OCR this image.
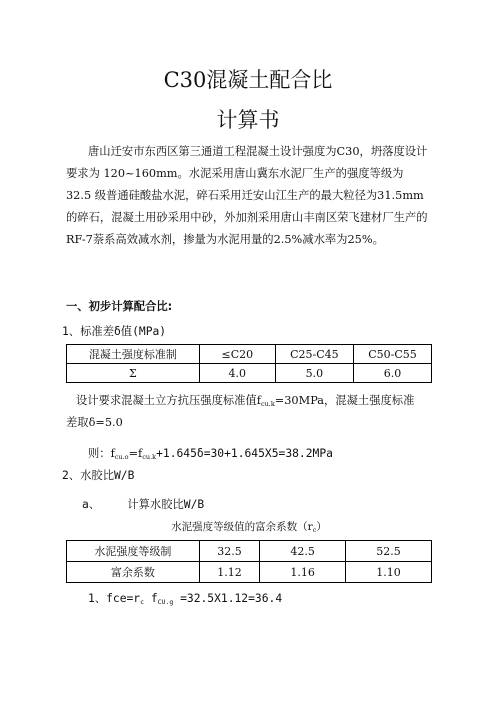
C30混凝土配合比
计算书
唐山迁安市东西区第三通道工程混凝土设计强度为C30，坍落度设计要求为 120~160mm。水泥采用唐山冀东水泥厂生产的强度等级为 32.5 级普通硅酸盐水泥，碎石采用迁安山江生产的最大粒径为31.5mm 的碎石，混凝土用砂采用中砂，外加剂采用唐山丰南区荣飞建材厂生产的RF-7萘系高效减水剂，掺量为水泥用量的2.5%减水率为25%。
一、初步计算配合比:
1、标准差δ值(MPa)
混凝土强度标准制	≤C20	C25-C45	C50-C55
Σ	4.0	5.0	6.0
设计要求混凝土立方抗压强度标准值$f_{cu.k}=30MPa$，混凝土强度标准
差取δ=5.0
则：$f_{cu.o}=f_{cu.k}+1.645\delta=30+1.645X5=38.2MPa$
2、水胶比W/B
a、    计算水胶比W/B
水泥强度等级值的富余系数$(r_c)$
水泥强度等级制	32.5	42.5	52.5
富余系数	1.12	1.16	1.10
1、$fce=r_c$ $f_{CU.g} =32.5X1.12=36.4$
